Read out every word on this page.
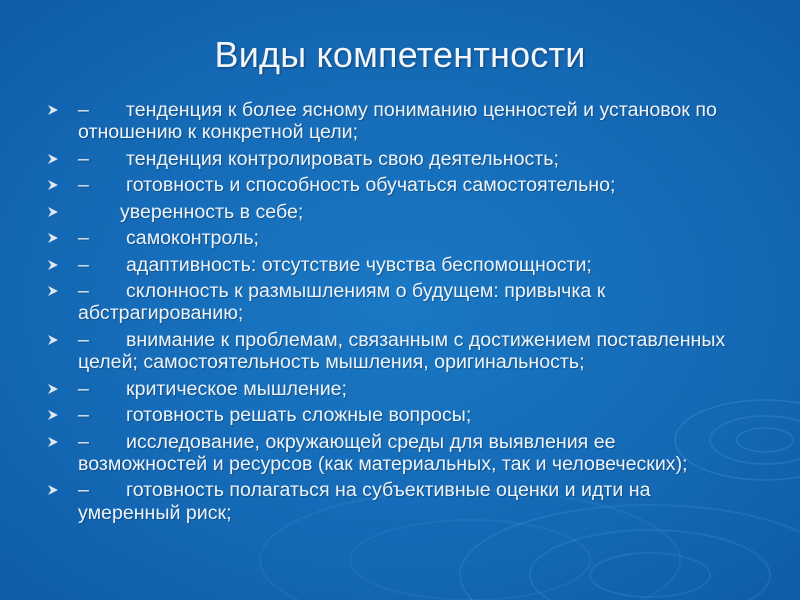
Виды компетентности
– тенденция к более ясному пониманию ценностей и установок по отношению к конкретной цели;
– тенденция контролировать свою деятельность;
– готовность и способность обучаться самостоятельно;
уверенность в себе;
– самоконтроль;
– адаптивность: отсутствие чувства беспомощности;
– склонность к размышлениям о будущем: привычка к абстрагированию;
– внимание к проблемам, связанным с достижением поставленных целей; самостоятельность мышления, оригинальность;
– критическое мышление;
– готовность решать сложные вопросы;
– исследование, окружающей среды для выявления ее возможностей и ресурсов (как материальных, так и человеческих);
– готовность полагаться на субъективные оценки и идти на умеренный риск;
